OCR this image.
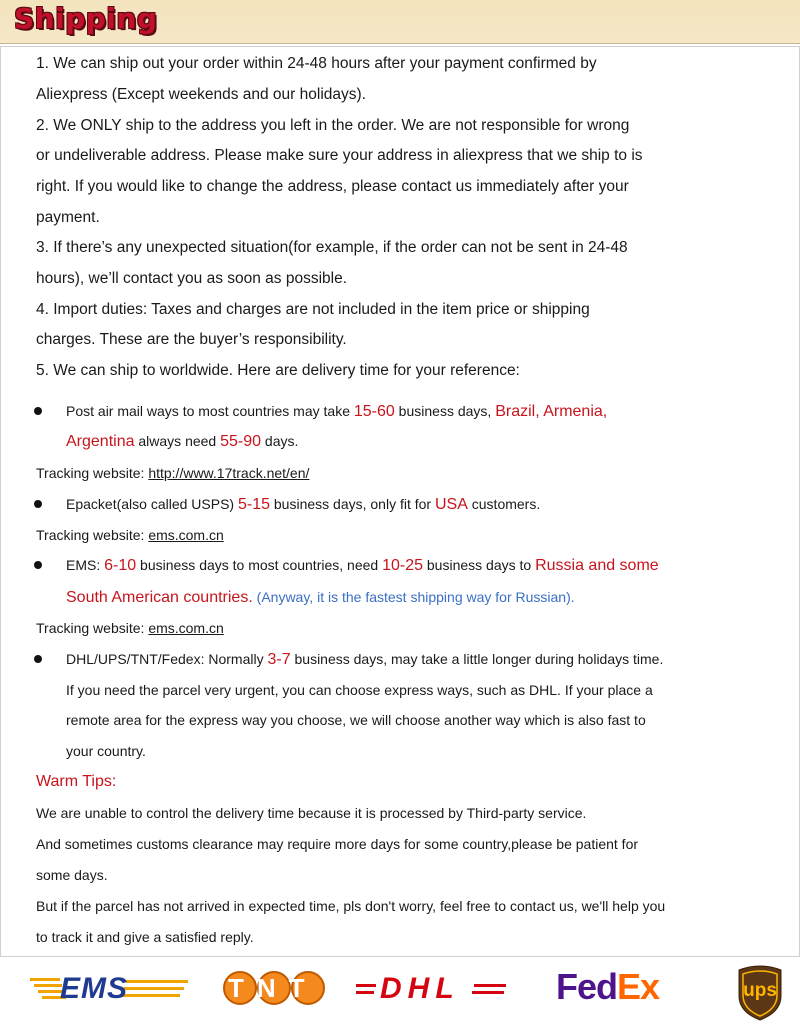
Shipping
1. We can ship out your order within 24-48 hours after your payment confirmed by
Aliexpress (Except weekends and our holidays).
2. We ONLY ship to the address you left in the order. We are not responsible for wrong
or undeliverable address. Please make sure your address in aliexpress that we ship to is
right. If you would like to change the address, please contact us immediately after your
payment.
3. If there’s any unexpected situation(for example, if the order can not be sent in 24-48
hours), we’ll contact you as soon as possible.
4. Import duties: Taxes and charges are not included in the item price or shipping
charges. These are the buyer’s responsibility.
5. We can ship to worldwide. Here are delivery time for your reference:
Post air mail ways to most countries may take 15-60 business days, Brazil, Armenia,
Argentina always need 55-90 days.
Tracking website: http://www.17track.net/en/
Epacket(also called USPS) 5-15 business days, only fit for USA customers.
Tracking website: ems.com.cn
EMS: 6-10 business days to most countries, need 10-25 business days to Russia and some
South American countries. (Anyway, it is the fastest shipping way for Russian).
Tracking website: ems.com.cn
DHL/UPS/TNT/Fedex: Normally 3-7 business days, may take a little longer during holidays time.
If you need the parcel very urgent, you can choose express ways, such as DHL. If your place a
remote area for the express way you choose, we will choose another way which is also fast to
your country.
Warm Tips:
We are unable to control the delivery time because it is processed by Third-party service.
And sometimes customs clearance may require more days for some country,please be patient for
some days.
But if the parcel has not arrived in expected time, pls don't worry, feel free to contact us, we'll help you
to track it and give a satisfied reply.
EMS	TNT DHL	FedEx	ups
